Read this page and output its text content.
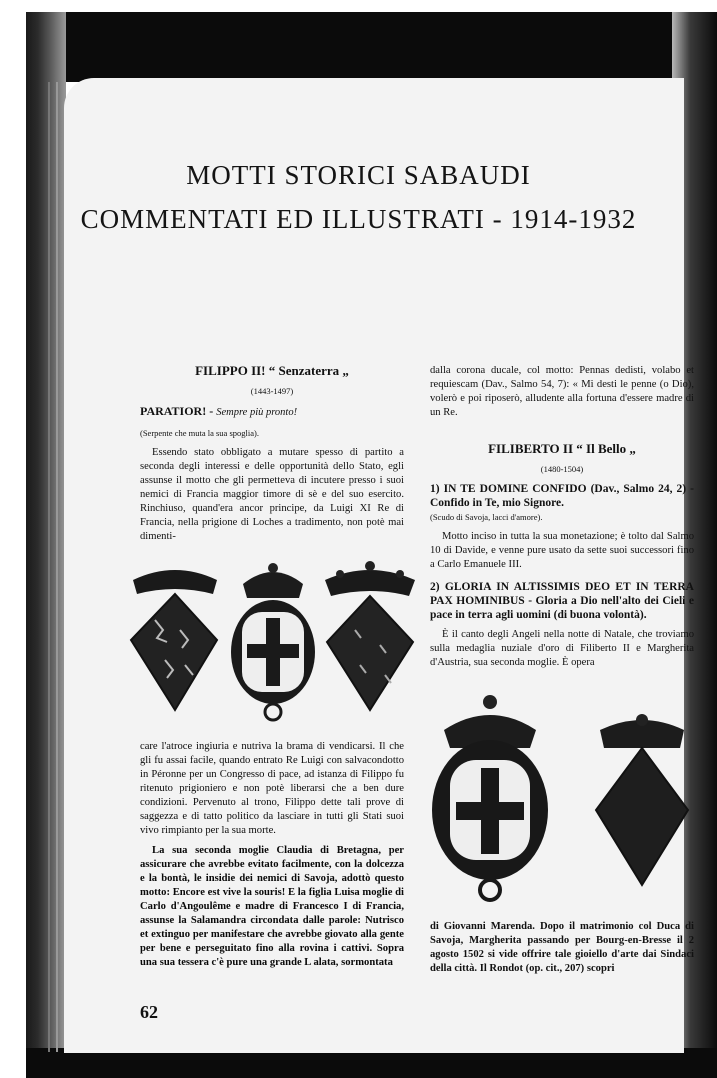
MOTTI STORICI SABAUDI
COMMENTATI ED ILLUSTRATI - 1914-1932

FILIPPO II! “ Senzaterra „

(1443-1497)

PARATIOR! - Sempre più pronto!

(Serpente che muta la sua spoglia).

Essendo stato obbligato a mutare spesso di partito a seconda degli interessi e delle opportunità dello Stato, egli assunse il motto che gli permetteva di incutere presso i suoi nemici di Francia maggior timore di sè e del suo esercito. Rinchiuso, quand'era ancor principe, da Luigi XI Re di Francia, nella prigione di Loches a tradimento, non potè mai dimenti-

care l'atroce ingiuria e nutriva la brama di vendicarsi. Il che gli fu assai facile, quando entrato Re Luigi con salvacondotto in Péronne per un Congresso di pace, ad istanza di Filippo fu ritenuto prigioniero e non potè liberarsi che a ben dure condizioni. Pervenuto al trono, Filippo dette tali prove di saggezza e di tatto politico da lasciare in tutti gli Stati suoi vivo rimpianto per la sua morte.

La sua seconda moglie Claudia di Bretagna, per assicurare che avrebbe evitato facilmente, con la dolcezza e la bontà, le insidie dei nemici di Savoja, adottò questo motto: Encore est vive la souris! E la figlia Luisa moglie di Carlo d'Angoulême e madre di Francesco I di Francia, assunse la Salamandra circondata dalle parole: Nutrisco et extinguo per manifestare che avrebbe giovato alla gente per bene e perseguitato fino alla rovina i cattivi. Sopra una sua tessera c'è pure una grande L alata, sormontata

62

dalla corona ducale, col motto: Pennas dedisti, volabo et requiescam (Dav., Salmo 54, 7): « Mi desti le penne (o Dio), volerò e poi riposerò, alludente alla fortuna d'essere madre di un Re.

FILIBERTO II “ Il Bello „

(1480-1504)

1) IN TE DOMINE CONFIDO (Dav., Salmo 24, 2) - Confido in Te, mio Signore.

(Scudo di Savoja, lacci d'amore).

Motto inciso in tutta la sua monetazione; è tolto dal Salmo 10 di Davide, e venne pure usato da sette suoi successori fino a Carlo Emanuele III.

2) GLORIA IN ALTISSIMIS DEO ET IN TERRA PAX HOMINIBUS - Gloria a Dio nell'alto dei Cieli e pace in terra agli uomini (di buona volontà).

È il canto degli Angeli nella notte di Natale, che troviamo sulla medaglia nuziale d'oro di Filiberto II e Margherita d'Austria, sua seconda moglie. È opera

di Giovanni Marenda. Dopo il matrimonio col Duca di Savoja, Margherita passando per Bourg-en-Bresse il 2 agosto 1502 si vide offrire tale gioiello d'arte dai Sindaci della città. Il Rondot (op. cit., 207) scopri
